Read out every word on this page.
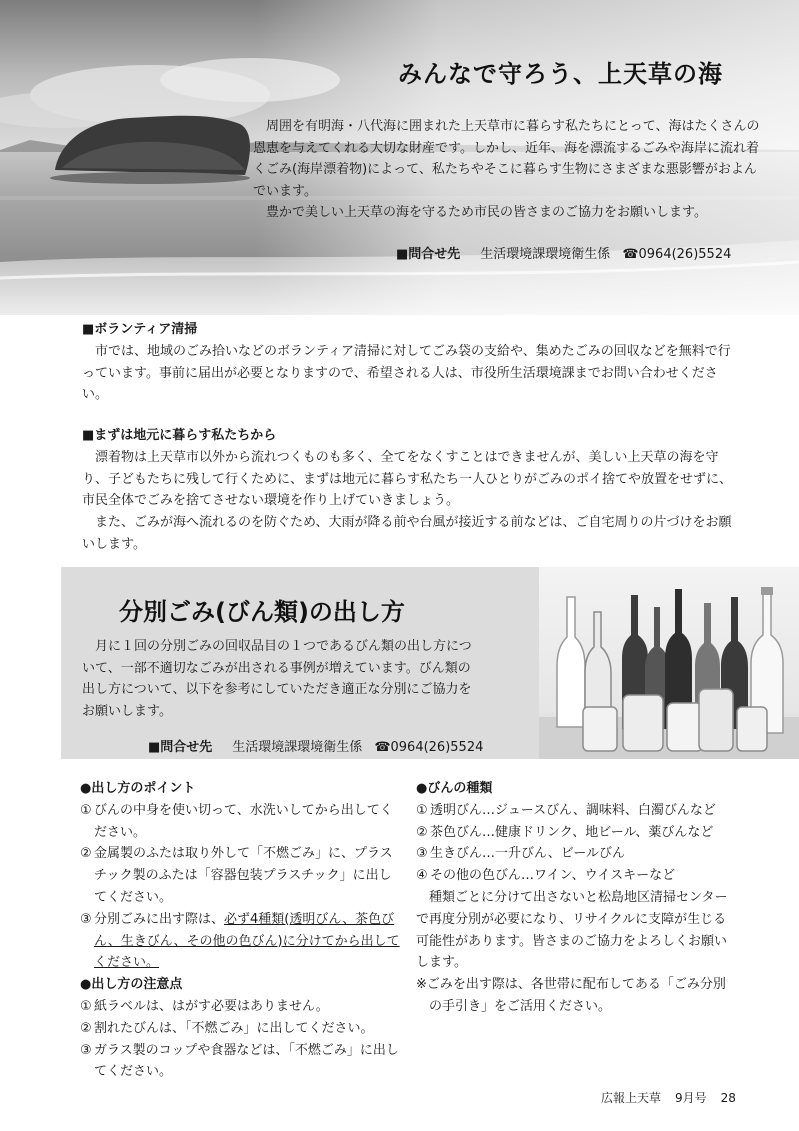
みんなで守ろう、上天草の海

周囲を有明海・八代海に囲まれた上天草市に暮らす私たちにとって、海はたくさんの恩恵を与えてくれる大切な財産です。しかし、近年、海を漂流するごみや海岸に流れ着くごみ(海岸漂着物)によって、私たちやそこに暮らす生物にさまざまな悪影響がおよんでいます。

豊かで美しい上天草の海を守るため市民の皆さまのご協力をお願いします。

■問合せ先 生活環境課環境衛生係 ☎0964(26)5524
■ボランティア清掃

市では、地域のごみ拾いなどのボランティア清掃に対してごみ袋の支給や、集めたごみの回収などを無料で行っています。事前に届出が必要となりますので、希望される人は、市役所生活環境課までお問い合わせください。

■まずは地元に暮らす私たちから

漂着物は上天草市以外から流れつくものも多く、全てをなくすことはできませんが、美しい上天草の海を守り、子どもたちに残して行くために、まずは地元に暮らす私たち一人ひとりがごみのポイ捨てや放置をせずに、市民全体でごみを捨てさせない環境を作り上げていきましょう。

また、ごみが海へ流れるのを防ぐため、大雨が降る前や台風が接近する前などは、ご自宅周りの片づけをお願いします。

分別ごみ(びん類)の出し方

月に１回の分別ごみの回収品目の１つであるびん類の出し方について、一部不適切なごみが出される事例が増えています。びん類の出し方について、以下を参考にしていただき適正な分別にご協力をお願いします。

■問合せ先 生活環境課環境衛生係 ☎0964(26)5524
●出し方のポイント
① びんの中身を使い切って、水洗いしてから出してください。
② 金属製のふたは取り外して「不燃ごみ」に、プラスチック製のふたは「容器包装プラスチック」に出してください。
③ 分別ごみに出す際は、必ず4種類(透明びん、茶色びん、生きびん、その他の色びん)に分けてから出してください。
●出し方の注意点
① 紙ラベルは、はがす必要はありません。
② 割れたびんは、「不燃ごみ」に出してください。
③ ガラス製のコップや食器などは、「不燃ごみ」に出してください。
●びんの種類
① 透明びん… ジュースびん、調味料、白濁びんなど
② 茶色びん… 健康ドリンク、地ビール、薬びんなど
③ 生きびん… 一升びん、ビールびん
④ その他の色びん… ワイン、ウイスキーなど

種類ごとに分けて出さないと松島地区清掃センターで再度分別が必要になり、リサイクルに支障が生じる可能性があります。皆さまのご協力をよろしくお願いします。

※ごみを出す際は、各世帯に配布してある「ごみ分別の手引き」をご活用ください。

広報上天草 9月号 28
